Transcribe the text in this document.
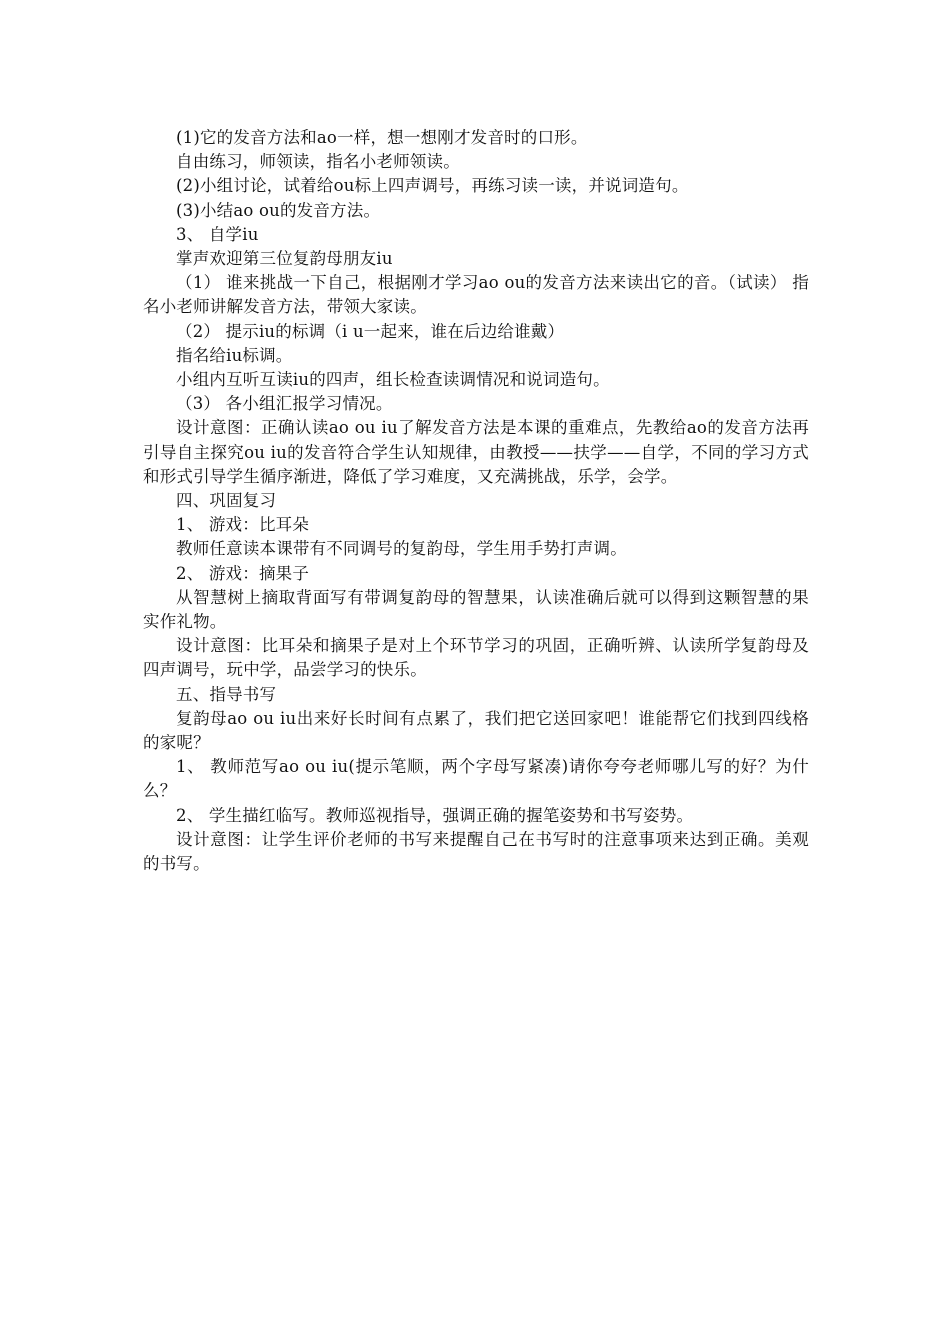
(1)它的发音方法和ao一样，想一想刚才发音时的口形。

自由练习，师领读，指名小老师领读。

(2)小组讨论，试着给ou标上四声调号，再练习读一读，并说词造句。

(3)小结ao ou的发音方法。

3、 自学iu

掌声欢迎第三位复韵母朋友iu

（1） 谁来挑战一下自己，根据刚才学习ao ou的发音方法来读出它的音。（试读） 指名小老师讲解发音方法，带领大家读。

（2） 提示iu的标调（i u一起来，谁在后边给谁戴）

指名给iu标调。

小组内互听互读iu的四声，组长检查读调情况和说词造句。

（3） 各小组汇报学习情况。

设计意图：正确认读ao ou iu了解发音方法是本课的重难点，先教给ao的发音方法再引导自主探究ou iu的发音符合学生认知规律，由教授——扶学——自学，不同的学习方式和形式引导学生循序渐进，降低了学习难度，又充满挑战，乐学，会学。

四、巩固复习

1、 游戏：比耳朵

教师任意读本课带有不同调号的复韵母，学生用手势打声调。

2、 游戏：摘果子

从智慧树上摘取背面写有带调复韵母的智慧果，认读准确后就可以得到这颗智慧的果实作礼物。

设计意图：比耳朵和摘果子是对上个环节学习的巩固，正确听辨、认读所学复韵母及四声调号，玩中学，品尝学习的快乐。

五、指导书写

复韵母ao ou iu出来好长时间有点累了，我们把它送回家吧！谁能帮它们找到四线格的家呢？

1、 教师范写ao ou iu(提示笔顺，两个字母写紧凑)请你夸夸老师哪儿写的好？为什么？

2、 学生描红临写。教师巡视指导，强调正确的握笔姿势和书写姿势。

设计意图：让学生评价老师的书写来提醒自己在书写时的注意事项来达到正确。美观的书写。
